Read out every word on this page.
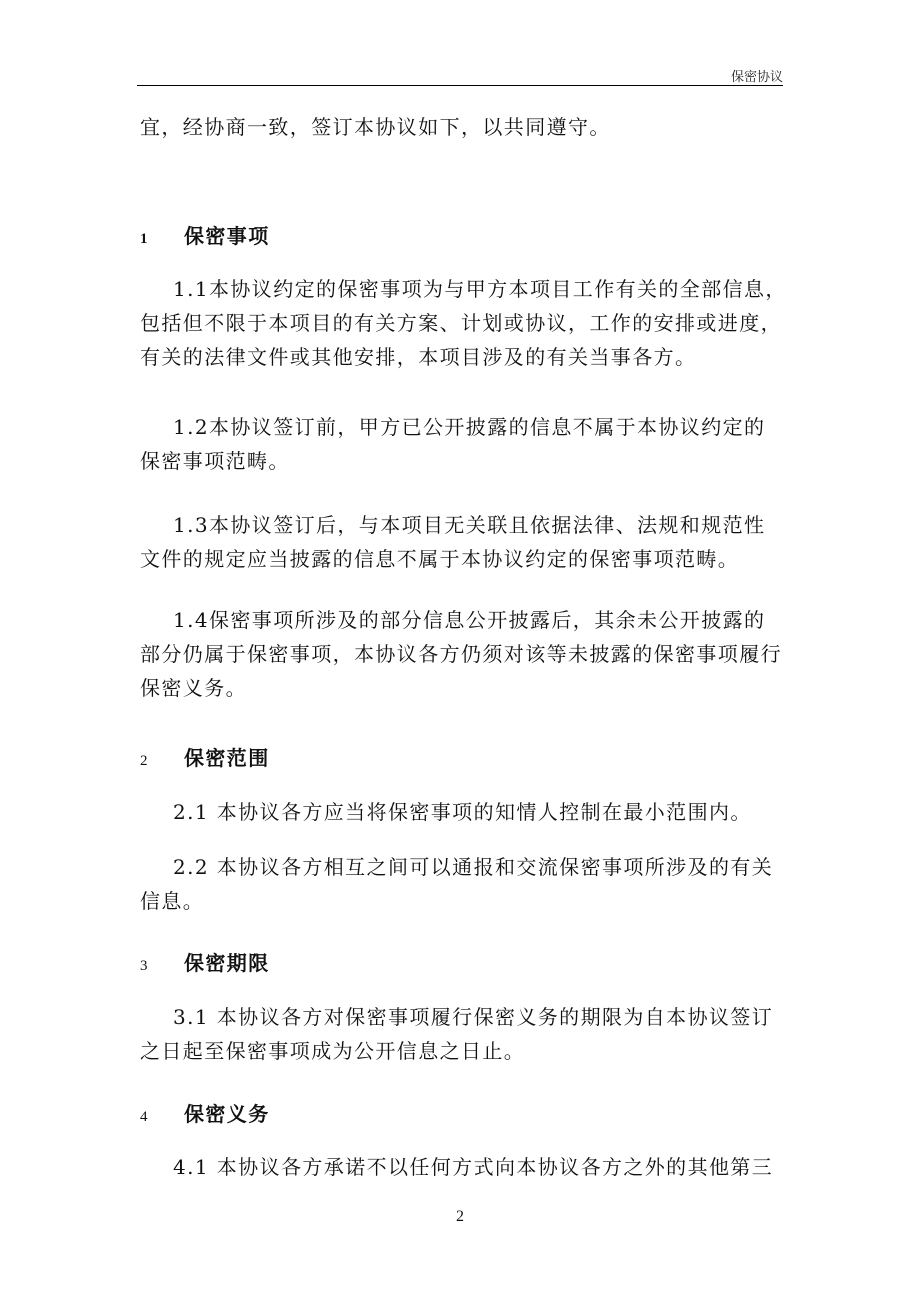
保密协议
宜，经协商一致，签订本协议如下，以共同遵守。
1 保密事项
1.1本协议约定的保密事项为与甲方本项目工作有关的全部信息，
包括但不限于本项目的有关方案、计划或协议，工作的安排或进度，
有关的法律文件或其他安排，本项目涉及的有关当事各方。
1.2本协议签订前，甲方已公开披露的信息不属于本协议约定的
保密事项范畴。
1.3本协议签订后，与本项目无关联且依据法律、法规和规范性
文件的规定应当披露的信息不属于本协议约定的保密事项范畴。
1.4保密事项所涉及的部分信息公开披露后，其余未公开披露的
部分仍属于保密事项，本协议各方仍须对该等未披露的保密事项履行
保密义务。
2 保密范围
2.1 本协议各方应当将保密事项的知情人控制在最小范围内。
2.2 本协议各方相互之间可以通报和交流保密事项所涉及的有关
信息。
3 保密期限
3.1 本协议各方对保密事项履行保密义务的期限为自本协议签订
之日起至保密事项成为公开信息之日止。
4 保密义务
4.1 本协议各方承诺不以任何方式向本协议各方之外的其他第三
2
